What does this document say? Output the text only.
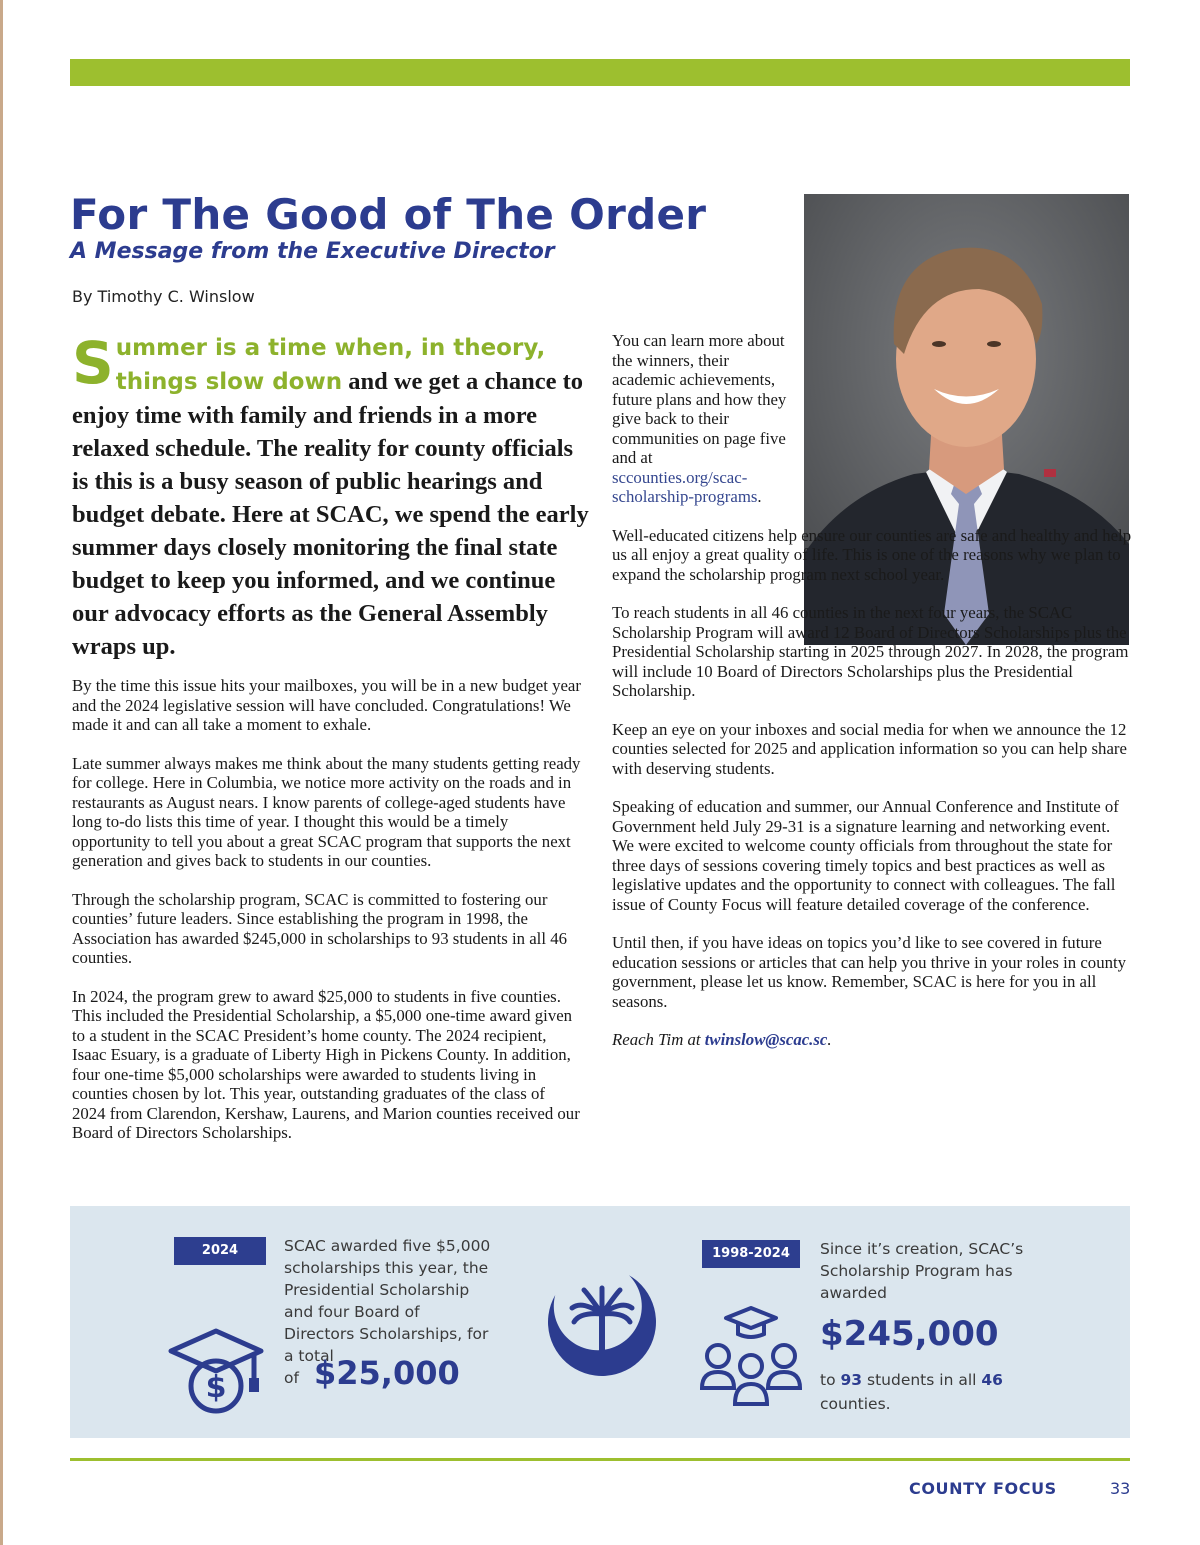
For The Good of The Order
A Message from the Executive Director
By Timothy C. Winslow
Summer is a time when, in theory, things slow down and we get a chance to enjoy time with family and friends in a more relaxed schedule. The reality for county officials is this is a busy season of public hearings and budget debate. Here at SCAC, we spend the early summer days closely monitoring the final state budget to keep you informed, and we continue our advocacy efforts as the General Assembly wraps up.

By the time this issue hits your mailboxes, you will be in a new budget year and the 2024 legislative session will have concluded. Congratulations! We made it and can all take a moment to exhale.

Late summer always makes me think about the many students getting ready for college. Here in Columbia, we notice more activity on the roads and in restaurants as August nears. I know parents of college-aged students have long to-do lists this time of year. I thought this would be a timely opportunity to tell you about a great SCAC program that supports the next generation and gives back to students in our counties.

Through the scholarship program, SCAC is committed to fostering our counties’ future leaders. Since establishing the program in 1998, the Association has awarded $245,000 in scholarships to 93 students in all 46 counties.

In 2024, the program grew to award $25,000 to students in five counties. This included the Presidential Scholarship, a $5,000 one-time award given to a student in the SCAC President’s home county. The 2024 recipient, Isaac Esuary, is a graduate of Liberty High in Pickens County. In addition, four one-time $5,000 scholarships were awarded to students living in counties chosen by lot. This year, outstanding graduates of the class of 2024 from Clarendon, Kershaw, Laurens, and Marion counties received our Board of Directors Scholarships.

You can learn more about the winners, their academic achievements, future plans and how they give back to their communities on page five and at sccounties.org/scac-scholarship-programs.

Well-educated citizens help ensure our counties are safe and healthy and help us all enjoy a great quality of life. This is one of the reasons why we plan to expand the scholarship program next school year.

To reach students in all 46 counties in the next four years, the SCAC Scholarship Program will award 12 Board of Directors Scholarships plus the Presidential Scholarship starting in 2025 through 2027. In 2028, the program will include 10 Board of Directors Scholarships plus the Presidential Scholarship.

Keep an eye on your inboxes and social media for when we announce the 12 counties selected for 2025 and application information so you can help share with deserving students.

Speaking of education and summer, our Annual Conference and Institute of Government held July 29-31 is a signature learning and networking event. We were excited to welcome county officials from throughout the state for three days of sessions covering timely topics and best practices as well as legislative updates and the opportunity to connect with colleagues. The fall issue of County Focus will feature detailed coverage of the conference.

Until then, if you have ideas on topics you’d like to see covered in future education sessions or articles that can help you thrive in your roles in county government, please let us know. Remember, SCAC is here for you in all seasons.

Reach Tim at twinslow@scac.sc.

2024	SCAC awarded five $5,000 scholarships this year, the Presidential Scholarship and four Board of Directors Scholarships, for a total
of $25,000
$
1998-2024	Since it’s creation, SCAC’s Scholarship Program has awarded
$245,000
to 93 students in all 46 counties.
COUNTY FOCUS	33
